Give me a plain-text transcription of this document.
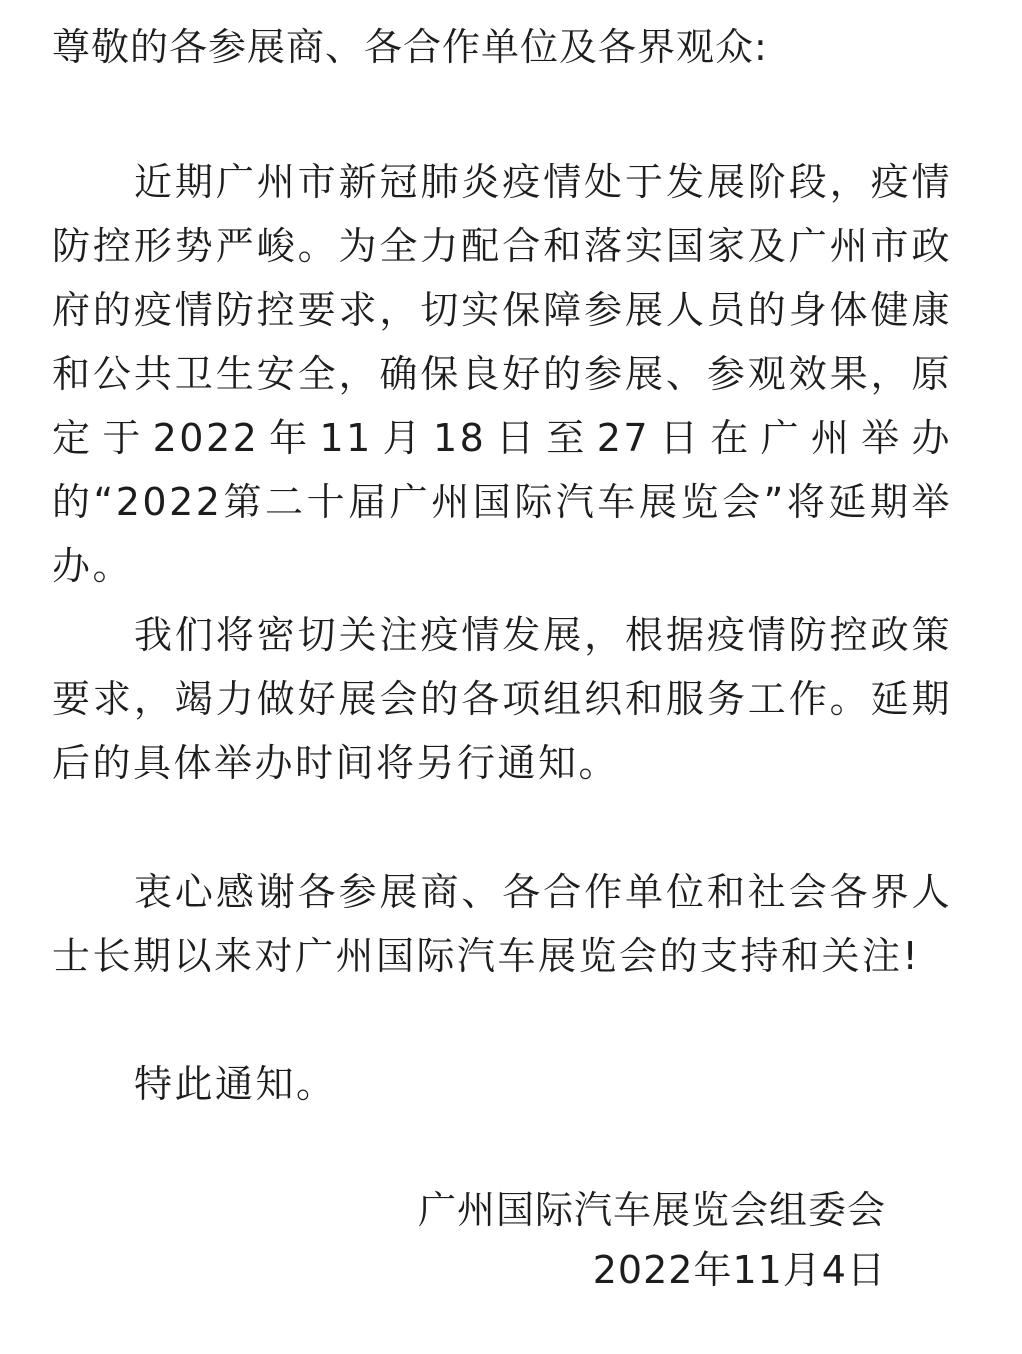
尊敬的各参展商、各合作单位及各界观众:

近期广州市新冠肺炎疫情处于发展阶段，疫情防控形势严峻。为全力配合和落实国家及广州市政府的疫情防控要求，切实保障参展人员的身体健康和公共卫生安全，确保良好的参展、参观效果，原定于2022年11月18日至27日在广州举办的“2022第二十届广州国际汽车展览会”将延期举办。

我们将密切关注疫情发展，根据疫情防控政策要求，竭力做好展会的各项组织和服务工作。延期后的具体举办时间将另行通知。

衷心感谢各参展商、各合作单位和社会各界人士长期以来对广州国际汽车展览会的支持和关注!

特此通知。

广州国际汽车展览会组委会
2022年11月4日
